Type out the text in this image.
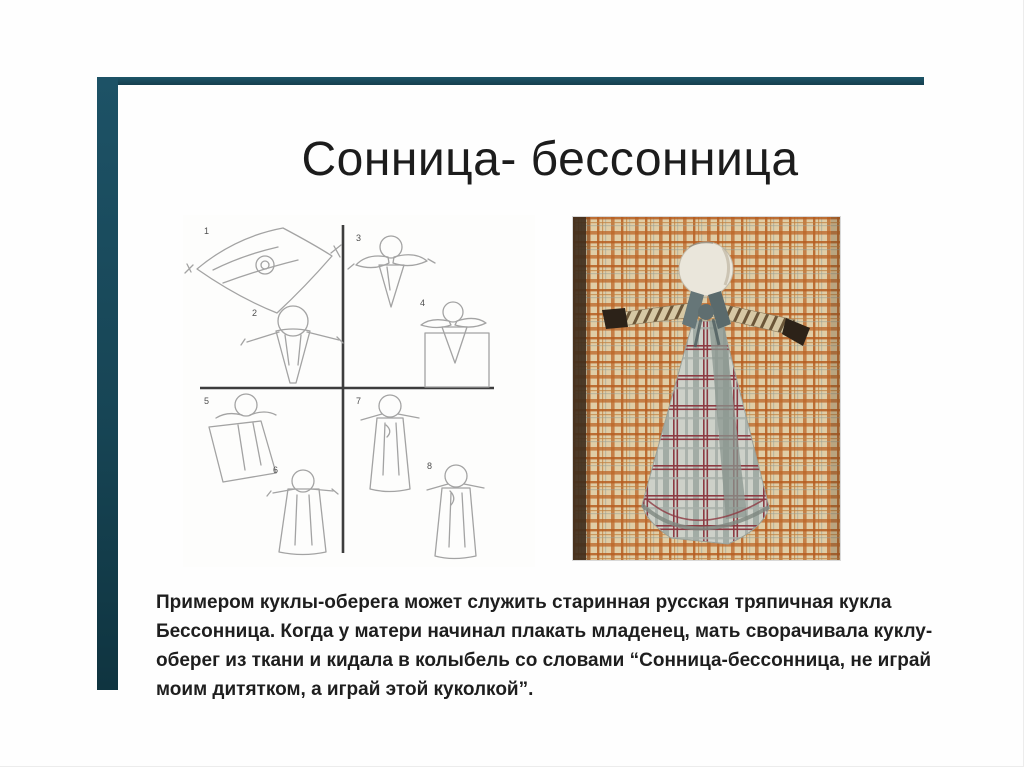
Сонница- бессонница
1
2
3
4
5
6
7
8
Примером куклы-оберега может служить старинная русская тряпичная кукла
Бессонница. Когда у матери начинал плакать младенец, мать сворачивала куклу-
оберег из ткани и кидала в колыбель со словами “Сонница-бессонница, не играй
моим дитятком, а играй этой куколкой”.
